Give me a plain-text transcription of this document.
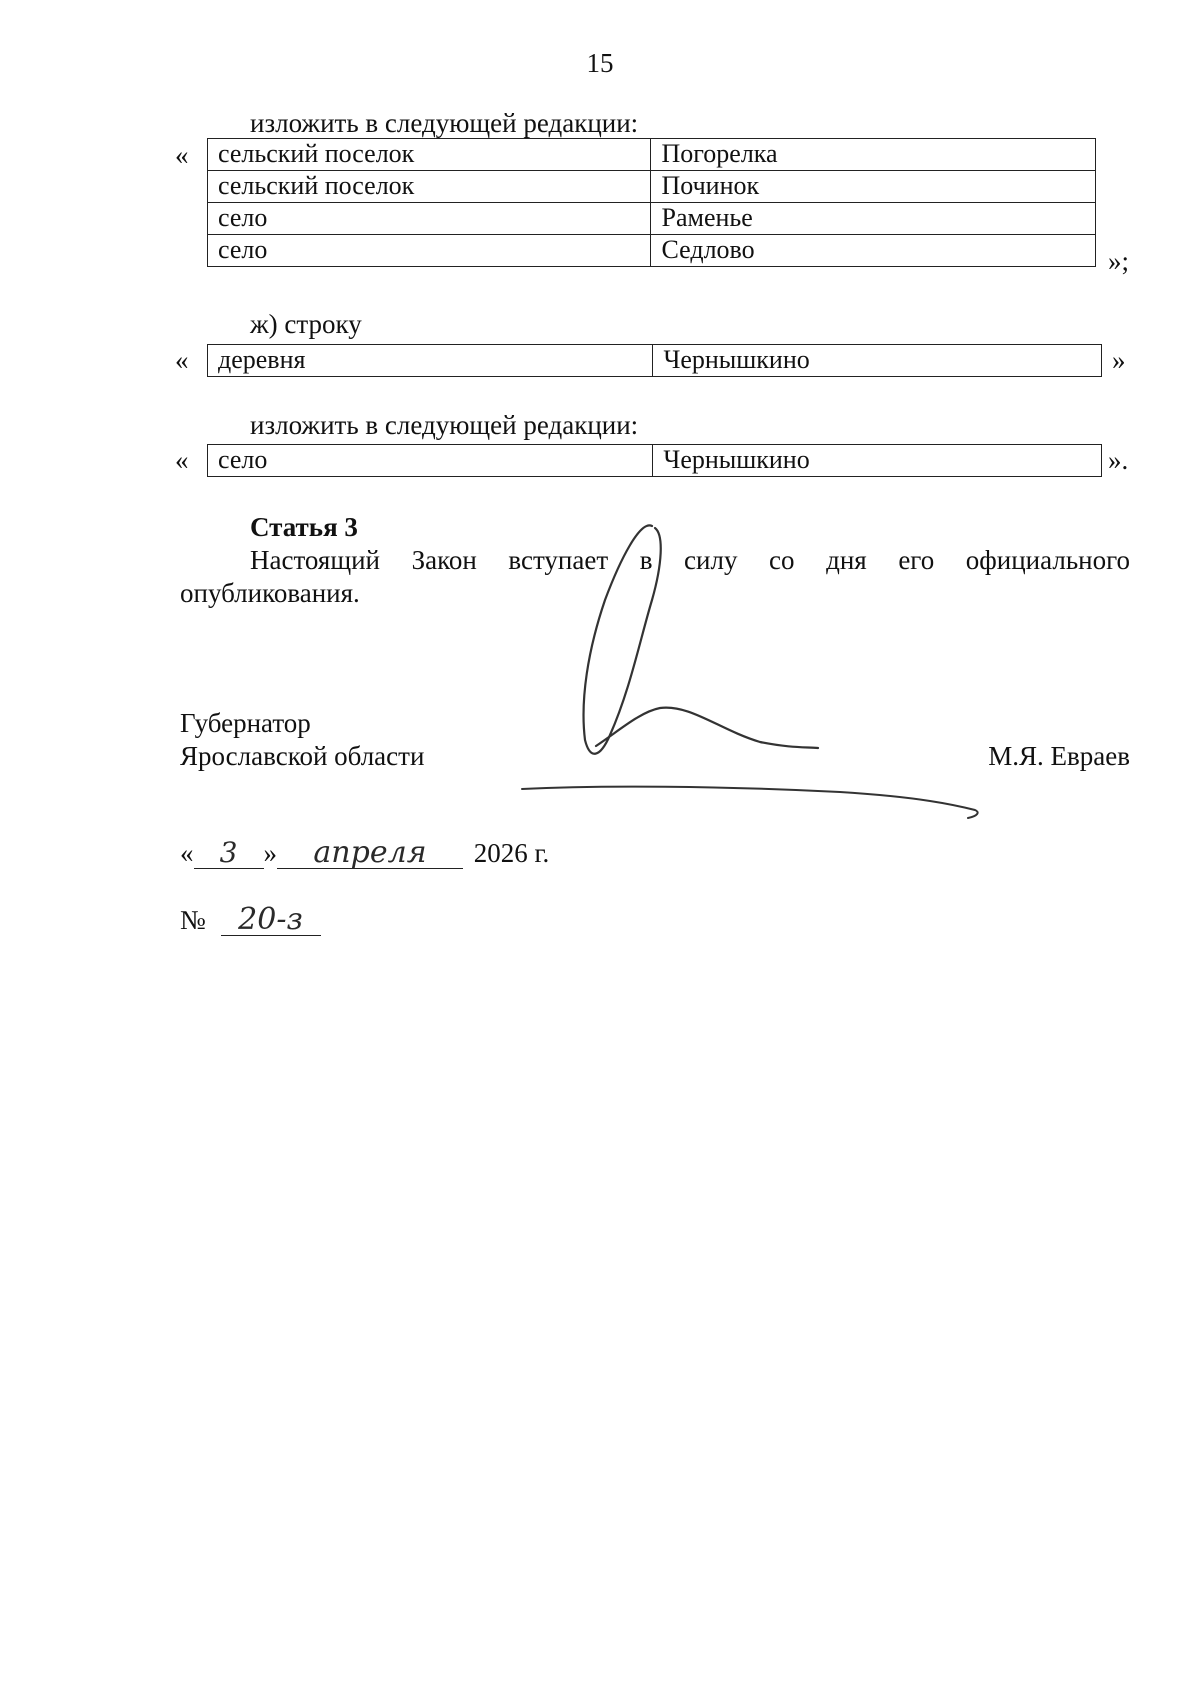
15
изложить в следующей редакции:
« сельский поселок	Погорелка
сельский поселок	Починок
село	Раменье
село	Седлово	»;
ж) строку
« деревня	Чернышкино	»
изложить в следующей редакции:
« село	Чернышкино	».
Статья 3
Настоящий Закон вступает в силу со дня его официального
опубликования.
Губернатор
Ярославской области	М.Я. Евраев
« 3 » апреля 2026 г.
№ 20-з
